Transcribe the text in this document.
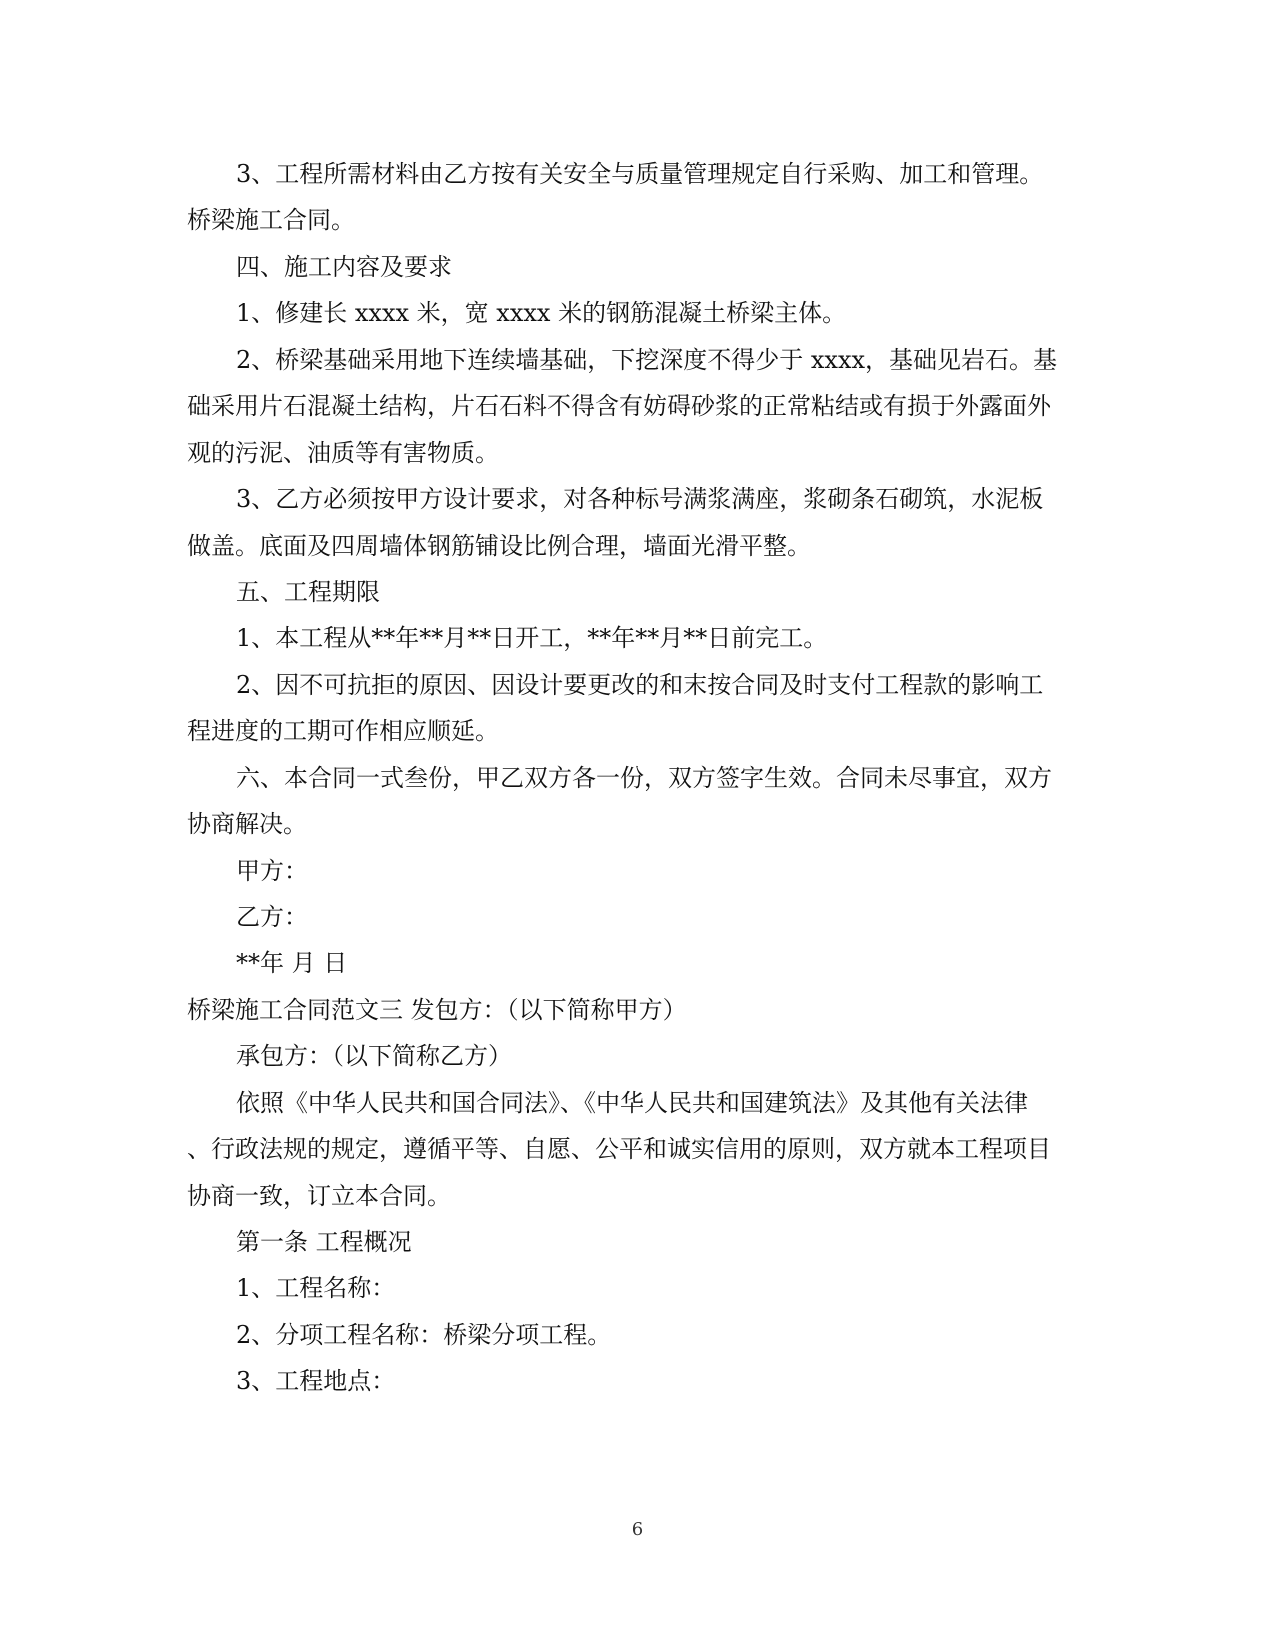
3、工程所需材料由乙方按有关安全与质量管理规定自行采购、加工和管理。
桥梁施工合同。
四、施工内容及要求
1、修建长 xxxx 米，宽 xxxx 米的钢筋混凝土桥梁主体。
2、桥梁基础采用地下连续墙基础，下挖深度不得少于 xxxx，基础见岩石。基
础采用片石混凝土结构，片石石料不得含有妨碍砂浆的正常粘结或有损于外露面外
观的污泥、油质等有害物质。
3、乙方必须按甲方设计要求，对各种标号满浆满座，浆砌条石砌筑，水泥板
做盖。底面及四周墙体钢筋铺设比例合理，墙面光滑平整。
五、工程期限
1、本工程从**年**月**日开工，**年**月**日前完工。
2、因不可抗拒的原因、因设计要更改的和末按合同及时支付工程款的影响工
程进度的工期可作相应顺延。
六、本合同一式叁份，甲乙双方各一份，双方签字生效。合同未尽事宜，双方
协商解决。
甲方：
乙方：
**年 月 日
桥梁施工合同范文三 发包方：（以下简称甲方）
承包方：（以下简称乙方）
依照《中华人民共和国合同法》、《中华人民共和国建筑法》及其他有关法律
、行政法规的规定，遵循平等、自愿、公平和诚实信用的原则，双方就本工程项目
协商一致，订立本合同。
第一条 工程概况
1、工程名称：
2、分项工程名称：桥梁分项工程。
3、工程地点：
6
